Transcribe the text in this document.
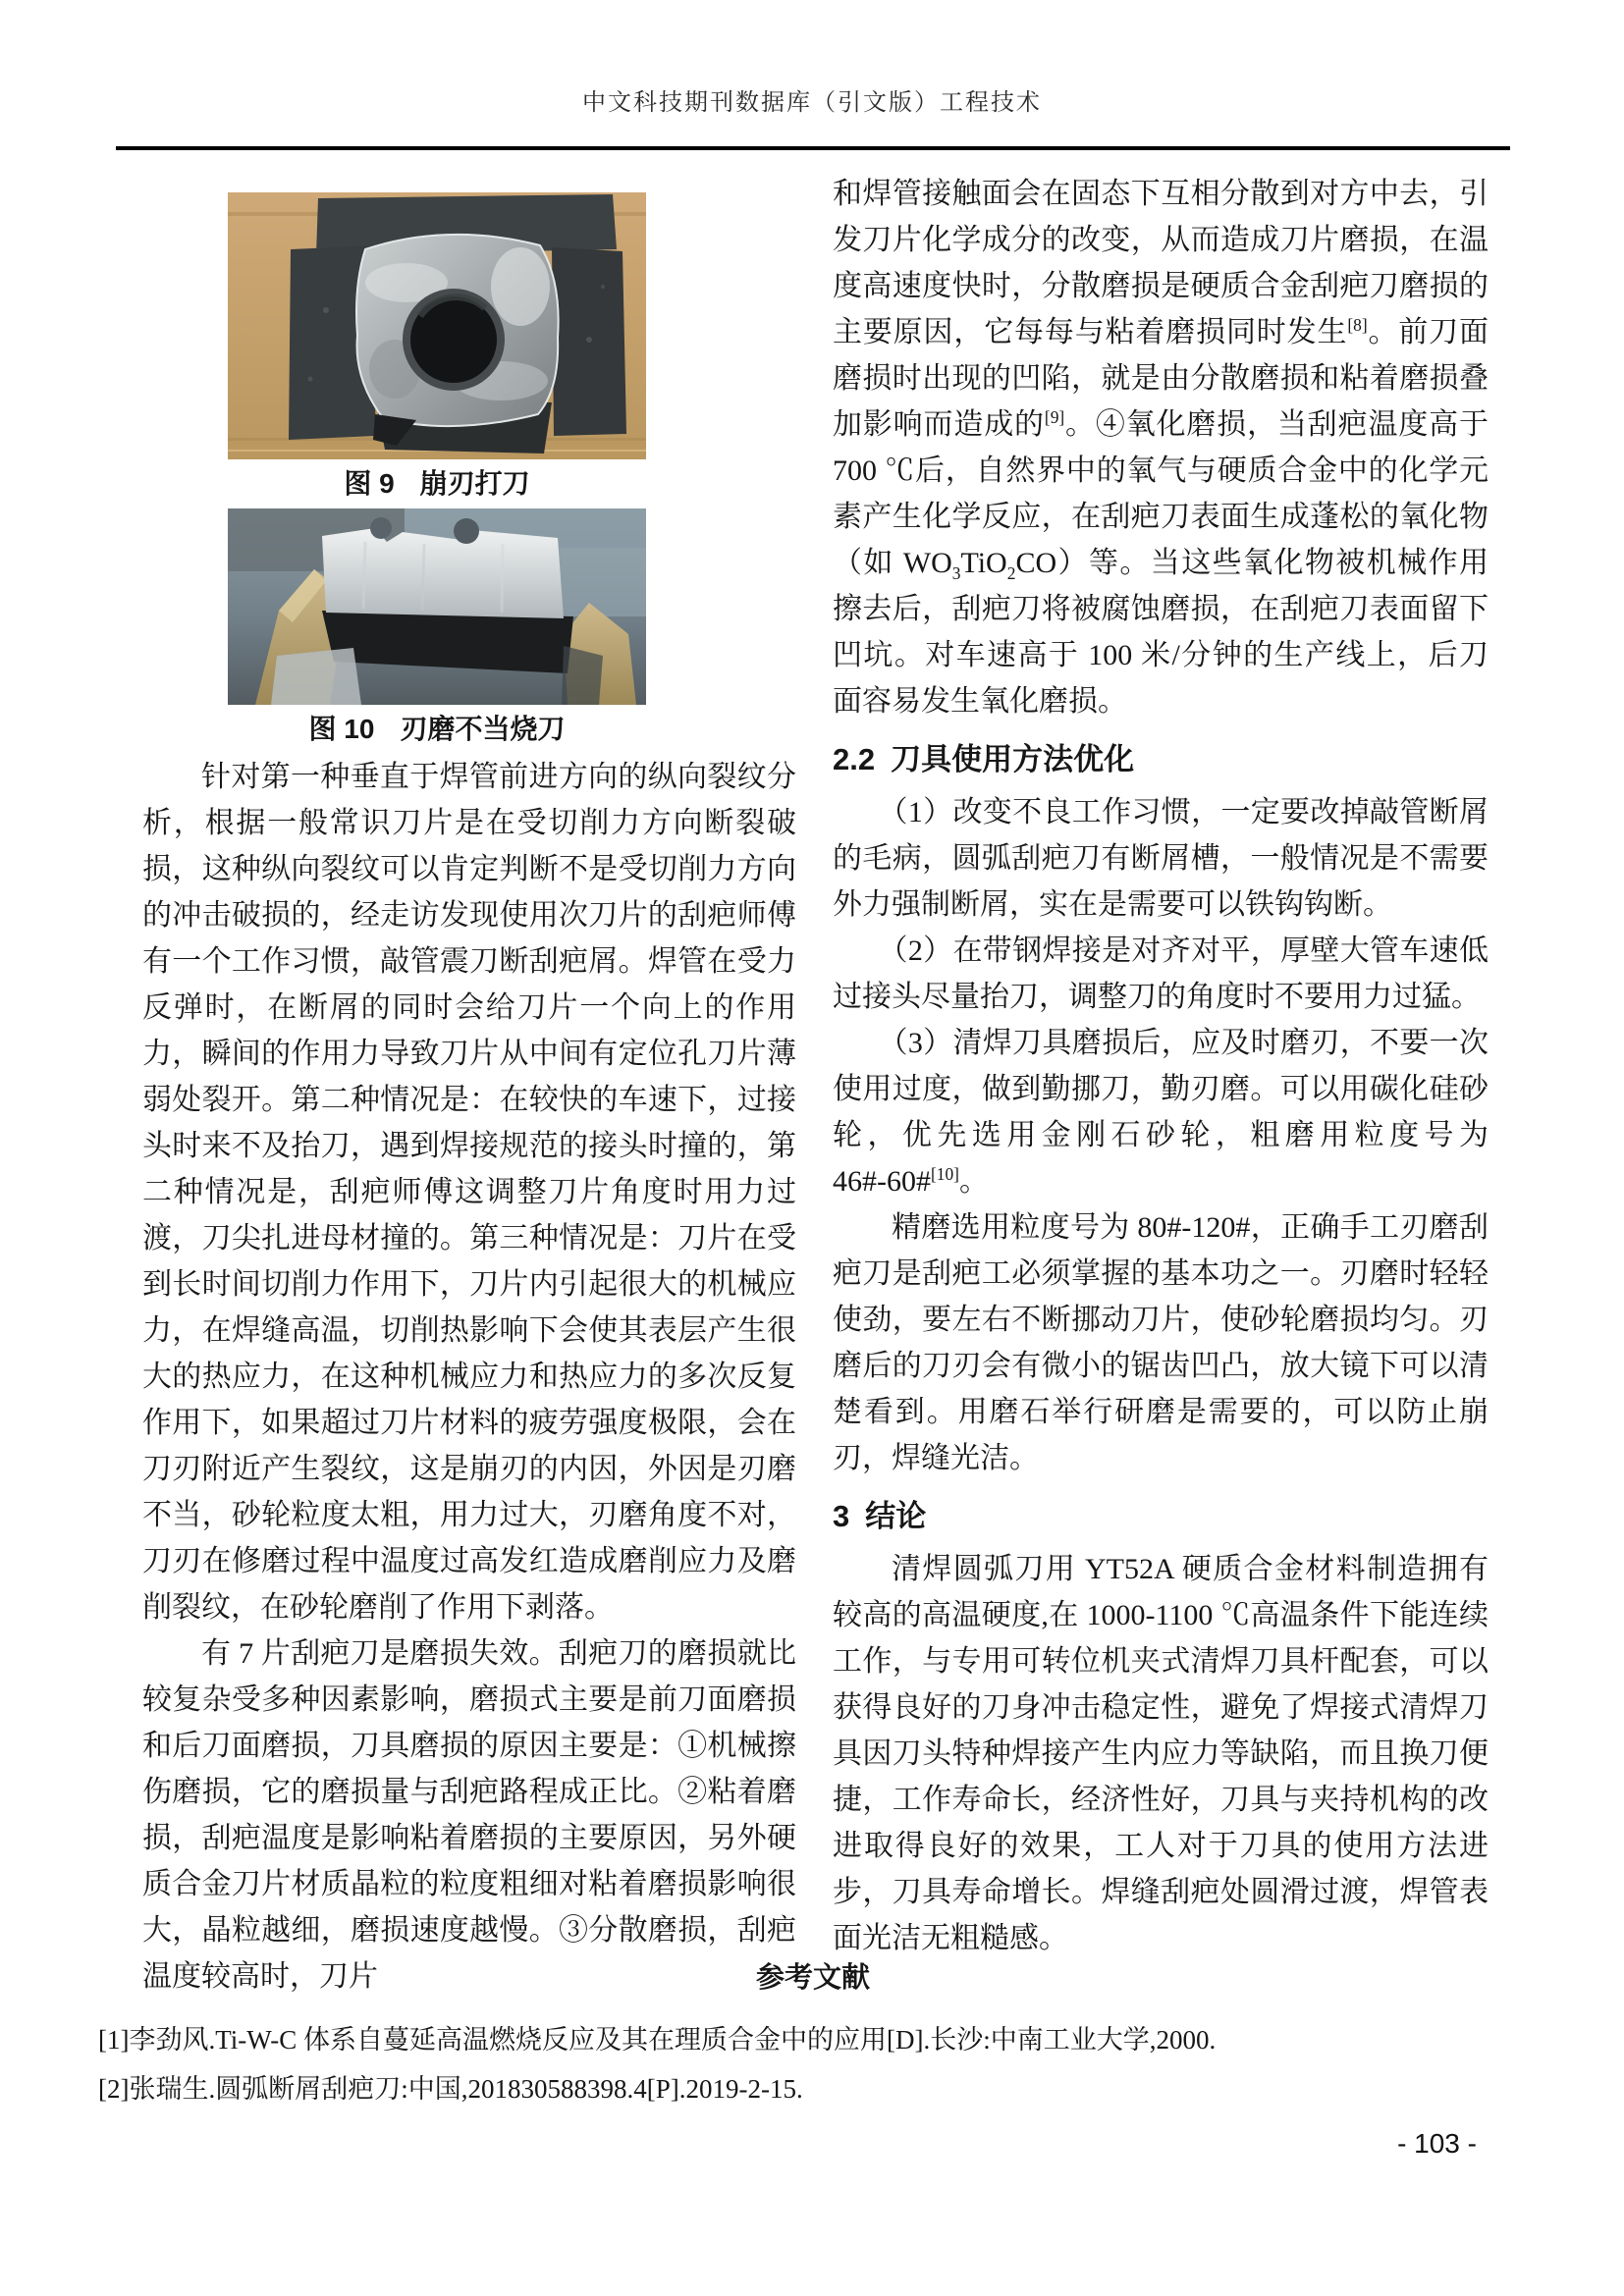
中文科技期刊数据库（引文版）工程技术
图 9 崩刃打刀
图 10 刃磨不当烧刀

针对第一种垂直于焊管前进方向的纵向裂纹分析，根据一般常识刀片是在受切削力方向断裂破损，这种纵向裂纹可以肯定判断不是受切削力方向的冲击破损的，经走访发现使用次刀片的刮疤师傅有一个工作习惯，敲管震刀断刮疤屑。焊管在受力反弹时，在断屑的同时会给刀片一个向上的作用力，瞬间的作用力导致刀片从中间有定位孔刀片薄弱处裂开。第二种情况是：在较快的车速下，过接头时来不及抬刀，遇到焊接规范的接头时撞的，第二种情况是，刮疤师傅这调整刀片角度时用力过渡，刀尖扎进母材撞的。第三种情况是：刀片在受到长时间切削力作用下，刀片内引起很大的机械应力，在焊缝高温，切削热影响下会使其表层产生很大的热应力，在这种机械应力和热应力的多次反复作用下，如果超过刀片材料的疲劳强度极限，会在刀刃附近产生裂纹，这是崩刃的内因，外因是刃磨不当，砂轮粒度太粗，用力过大，刃磨角度不对，刀刃在修磨过程中温度过高发红造成磨削应力及磨削裂纹，在砂轮磨削了作用下剥落。

有 7 片刮疤刀是磨损失效。刮疤刀的磨损就比较复杂受多种因素影响，磨损式主要是前刀面磨损和后刀面磨损，刀具磨损的原因主要是：①机械擦伤磨损，它的磨损量与刮疤路程成正比。②粘着磨损，刮疤温度是影响粘着磨损的主要原因，另外硬质合金刀片材质晶粒的粒度粗细对粘着磨损影响很大，晶粒越细，磨损速度越慢。③分散磨损，刮疤温度较高时，刀片

和焊管接触面会在固态下互相分散到对方中去，引发刀片化学成分的改变，从而造成刀片磨损，在温度高速度快时，分散磨损是硬质合金刮疤刀磨损的主要原因，它每每与粘着磨损同时发生[8]。前刀面磨损时出现的凹陷，就是由分散磨损和粘着磨损叠加影响而造成的[9]。④氧化磨损，当刮疤温度高于 700 ℃后，自然界中的氧气与硬质合金中的化学元素产生化学反应，在刮疤刀表面生成蓬松的氧化物（如 $WO_3TiO_2CO$）等。当这些氧化物被机械作用擦去后，刮疤刀将被腐蚀磨损，在刮疤刀表面留下凹坑。对车速高于 100 米/分钟的生产线上，后刀面容易发生氧化磨损。

2.2 刀具使用方法优化

（1）改变不良工作习惯，一定要改掉敲管断屑的毛病，圆弧刮疤刀有断屑槽，一般情况是不需要外力强制断屑，实在是需要可以铁钩钩断。

（2）在带钢焊接是对齐对平，厚壁大管车速低过接头尽量抬刀，调整刀的角度时不要用力过猛。

（3）清焊刀具磨损后，应及时磨刃，不要一次使用过度，做到勤挪刀，勤刃磨。可以用碳化硅砂轮，优先选用金刚石砂轮，粗磨用粒度号为 46#-60#[10]。

精磨选用粒度号为 80#-120#，正确手工刃磨刮疤刀是刮疤工必须掌握的基本功之一。刃磨时轻轻使劲，要左右不断挪动刀片，使砂轮磨损均匀。刃磨后的刀刃会有微小的锯齿凹凸，放大镜下可以清楚看到。用磨石举行研磨是需要的，可以防止崩刃，焊缝光洁。

3 结论

清焊圆弧刀用 YT52A 硬质合金材料制造拥有较高的高温硬度,在 1000-1100 ℃高温条件下能连续工作，与专用可转位机夹式清焊刀具杆配套，可以获得良好的刀身冲击稳定性，避免了焊接式清焊刀具因刀头特种焊接产生内应力等缺陷，而且换刀便捷，工作寿命长，经济性好，刀具与夹持机构的改进取得良好的效果，工人对于刀具的使用方法进步，刀具寿命增长。焊缝刮疤处圆滑过渡，焊管表面光洁无粗糙感。

参考文献
[1]李劲风.Ti-W-C 体系自蔓延高温燃烧反应及其在理质合金中的应用[D].长沙:中南工业大学,2000.
[2]张瑞生.圆弧断屑刮疤刀:中国,201830588398.4[P].2019-2-15.
- 103 -
